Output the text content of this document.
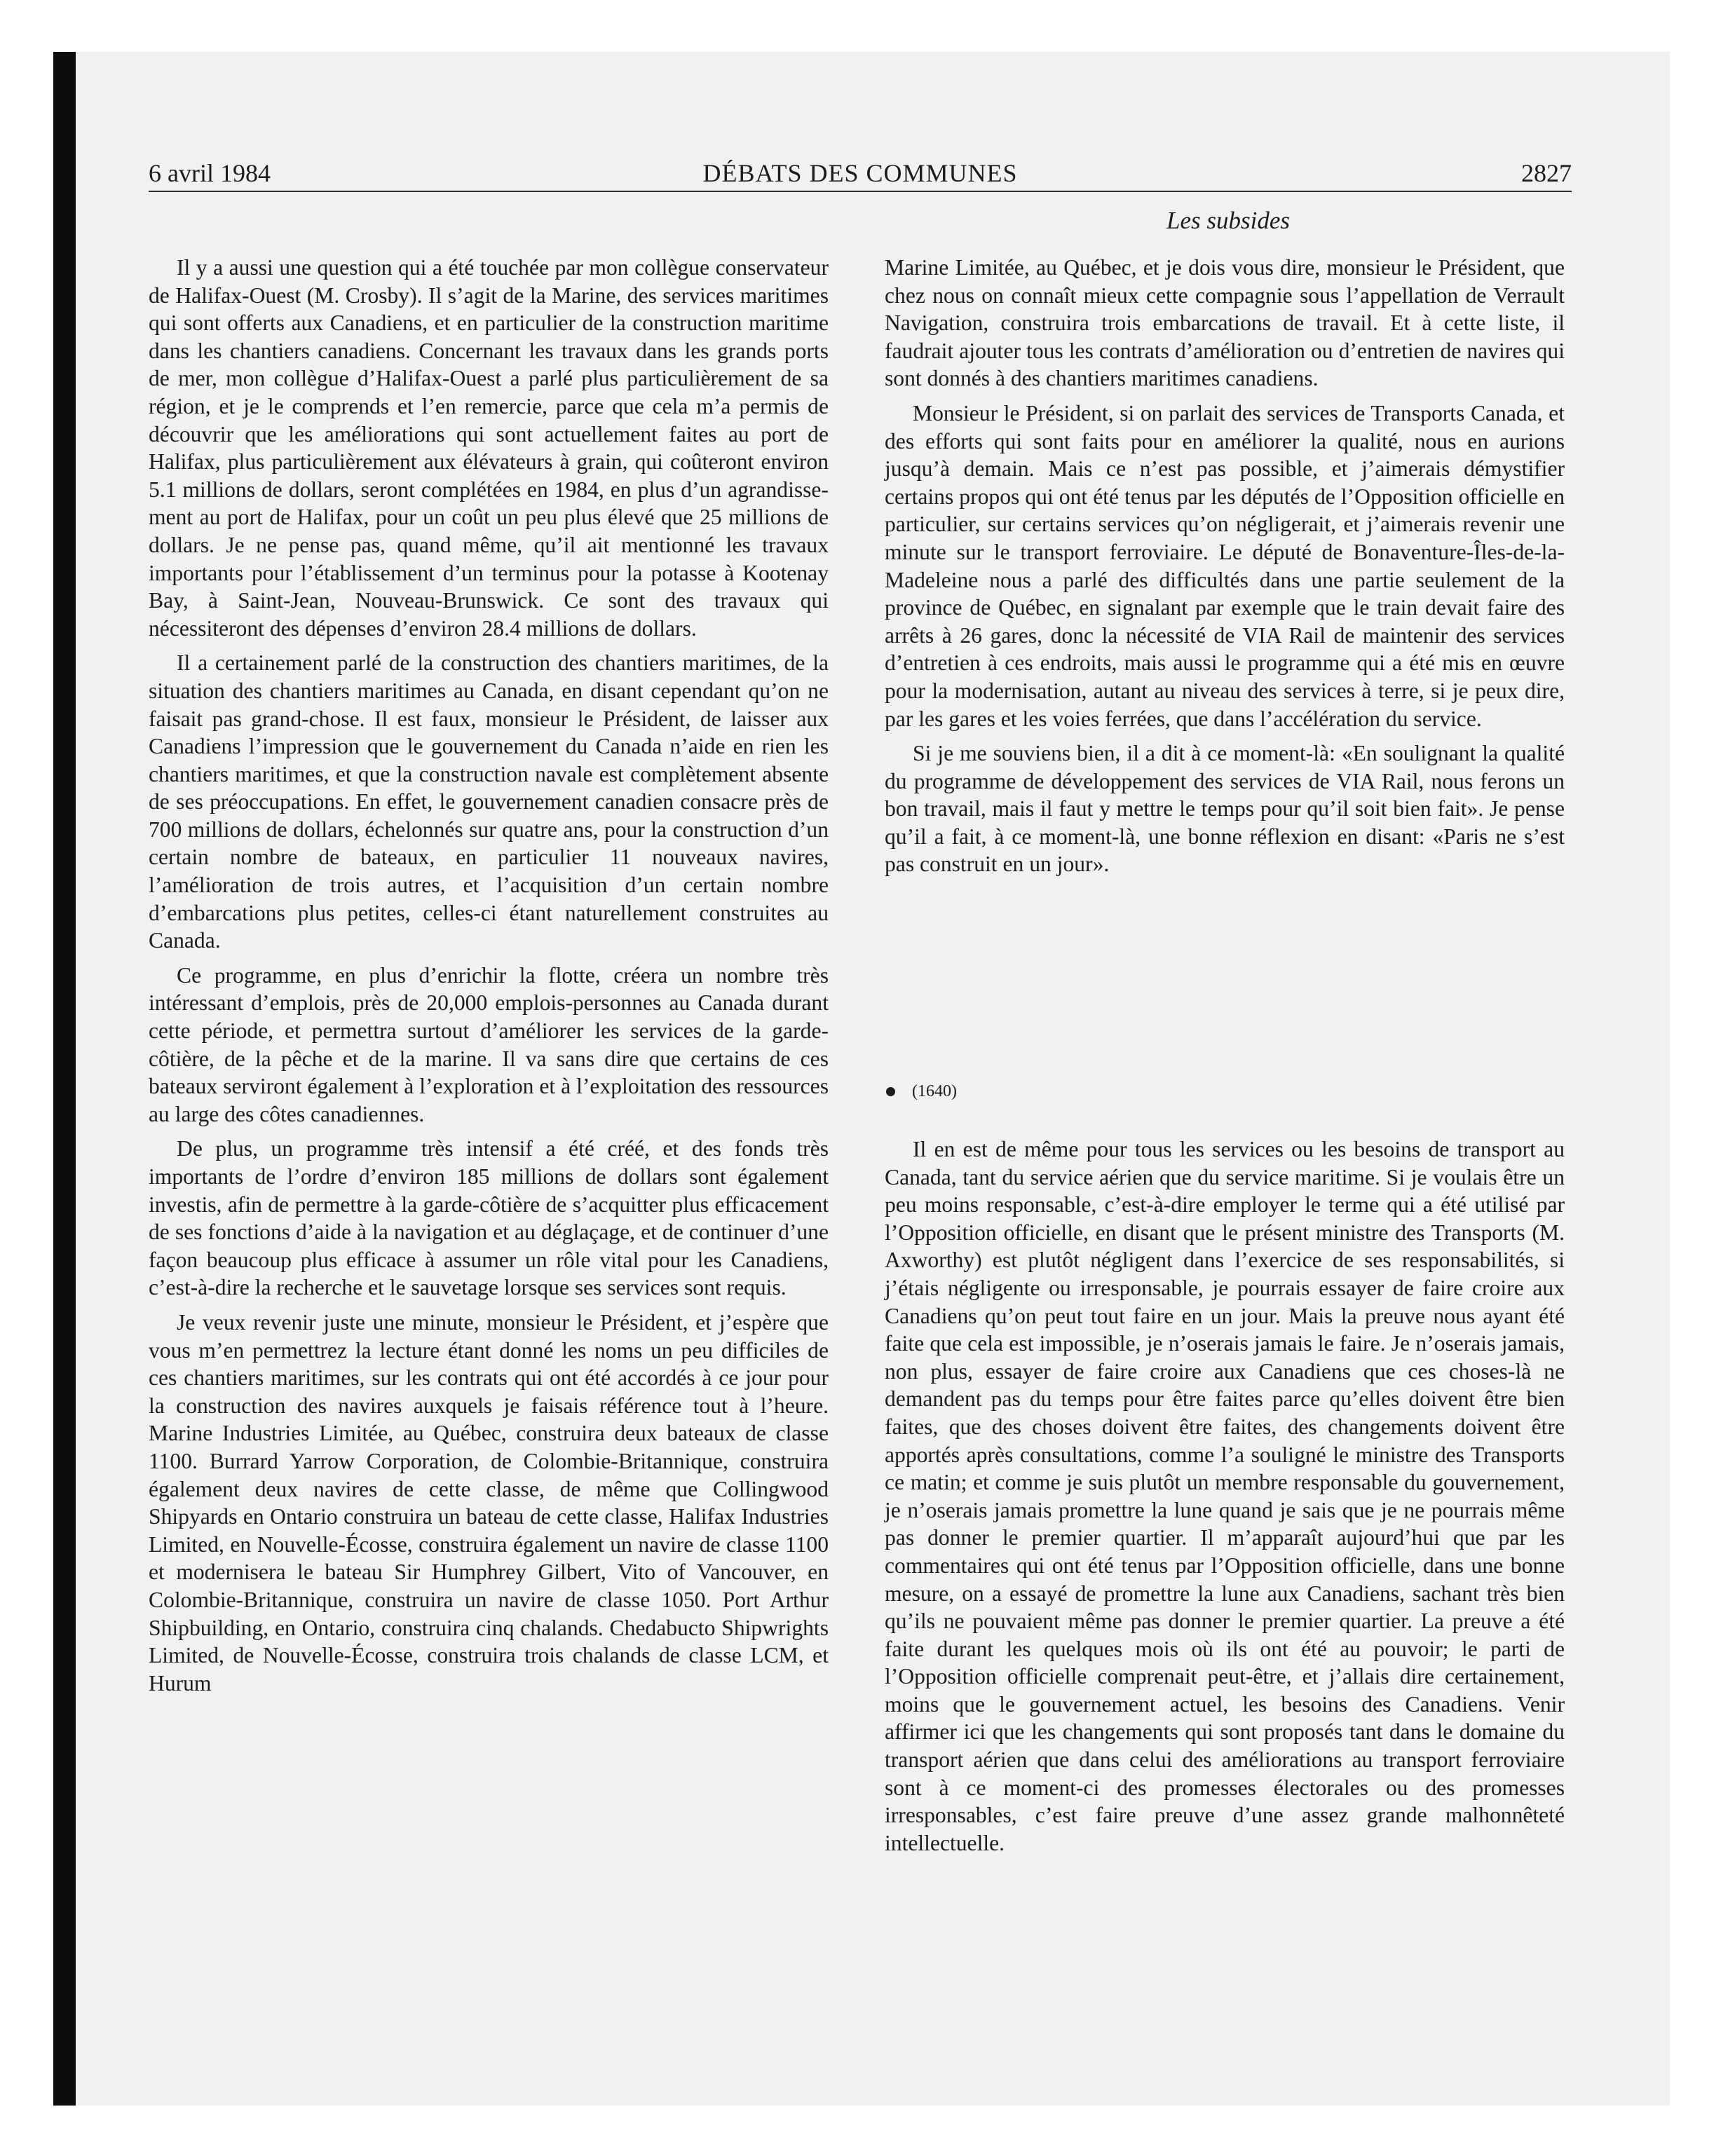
6 avril 1984	DÉBATS DES COMMUNES	2827
Les subsides

Il y a aussi une question qui a été touchée par mon collègue conservateur de Halifax-Ouest (M. Crosby). Il s’agit de la Marine, des services maritimes qui sont offerts aux Canadiens, et en particulier de la construction maritime dans les chantiers canadiens. Concernant les travaux dans les grands ports de mer, mon collègue d’Halifax-Ouest a parlé plus particulièrement de sa région, et je le comprends et l’en remercie, parce que cela m’a permis de découvrir que les améliorations qui sont actuellement faites au port de Halifax, plus particulièrement aux élévateurs à grain, qui coûteront environ 5.1 millions de dollars, seront complétées en 1984, en plus d’un agrandissement au port de Halifax, pour un coût un peu plus élevé que 25 millions de dollars. Je ne pense pas, quand même, qu’il ait mentionné les travaux importants pour l’établissement d’un terminus pour la potasse à Kootenay Bay, à Saint-Jean, Nouveau-Brunswick. Ce sont des travaux qui nécessiteront des dépenses d’environ 28.4 millions de dollars.

Il a certainement parlé de la construction des chantiers maritimes, de la situation des chantiers maritimes au Canada, en disant cependant qu’on ne faisait pas grand-chose. Il est faux, monsieur le Président, de laisser aux Canadiens l’impression que le gouvernement du Canada n’aide en rien les chantiers maritimes, et que la construction navale est complètement absente de ses préoccupations. En effet, le gouvernement canadien consacre près de 700 millions de dollars, échelonnés sur quatre ans, pour la construction d’un certain nombre de bateaux, en particulier 11 nouveaux navires, l’amélioration de trois autres, et l’acquisition d’un certain nombre d’embarcations plus petites, celles-ci étant naturellement construites au Canada.

Ce programme, en plus d’enrichir la flotte, créera un nombre très intéressant d’emplois, près de 20,000 emplois-personnes au Canada durant cette période, et permettra surtout d’améliorer les services de la garde-côtière, de la pêche et de la marine. Il va sans dire que certains de ces bateaux serviront également à l’exploration et à l’exploitation des ressources au large des côtes canadiennes.

De plus, un programme très intensif a été créé, et des fonds très importants de l’ordre d’environ 185 millions de dollars sont également investis, afin de permettre à la garde-côtière de s’acquitter plus efficacement de ses fonctions d’aide à la navigation et au déglaçage, et de continuer d’une façon beaucoup plus efficace à assumer un rôle vital pour les Canadiens, c’est-à-dire la recherche et le sauvetage lorsque ses services sont requis.

Je veux revenir juste une minute, monsieur le Président, et j’espère que vous m’en permettrez la lecture étant donné les noms un peu difficiles de ces chantiers maritimes, sur les contrats qui ont été accordés à ce jour pour la construction des navires auxquels je faisais référence tout à l’heure. Marine Industries Limitée, au Québec, construira deux bateaux de classe 1100. Burrard Yarrow Corporation, de Colombie-Britannique, construira également deux navires de cette classe, de même que Collingwood Shipyards en Ontario construira un bateau de cette classe, Halifax Industries Limited, en Nouvelle-Écosse, construira également un navire de classe 1100 et modernisera le bateau Sir Humphrey Gilbert, Vito of Vancouver, en Colombie-Britannique, construira un navire de classe 1050. Port Arthur Shipbuilding, en Ontario, construira cinq chalands. Chedabucto Shipwrights Limited, de Nouvelle-Écosse, construira trois chalands de classe LCM, et Hurum

Marine Limitée, au Québec, et je dois vous dire, monsieur le Président, que chez nous on connaît mieux cette compagnie sous l’appellation de Verrault Navigation, construira trois embarcations de travail. Et à cette liste, il faudrait ajouter tous les contrats d’amélioration ou d’entretien de navires qui sont donnés à des chantiers maritimes canadiens.

Monsieur le Président, si on parlait des services de Transports Canada, et des efforts qui sont faits pour en améliorer la qualité, nous en aurions jusqu’à demain. Mais ce n’est pas possible, et j’aimerais démystifier certains propos qui ont été tenus par les députés de l’Opposition officielle en particulier, sur certains services qu’on négligerait, et j’aimerais revenir une minute sur le transport ferroviaire. Le député de Bonaventure-Îles-de-la-Madeleine nous a parlé des difficultés dans une partie seulement de la province de Québec, en signalant par exemple que le train devait faire des arrêts à 26 gares, donc la nécessité de VIA Rail de maintenir des services d’entretien à ces endroits, mais aussi le programme qui a été mis en œuvre pour la modernisation, autant au niveau des services à terre, si je peux dire, par les gares et les voies ferrées, que dans l’accélération du service.

Si je me souviens bien, il a dit à ce moment-là: «En soulignant la qualité du programme de développement des services de VIA Rail, nous ferons un bon travail, mais il faut y mettre le temps pour qu’il soit bien fait». Je pense qu’il a fait, à ce moment-là, une bonne réflexion en disant: «Paris ne s’est pas construit en un jour».

(1640)

Il en est de même pour tous les services ou les besoins de transport au Canada, tant du service aérien que du service maritime. Si je voulais être un peu moins responsable, c’est-à-dire employer le terme qui a été utilisé par l’Opposition officielle, en disant que le présent ministre des Transports (M. Axworthy) est plutôt négligent dans l’exercice de ses responsabilités, si j’étais négligente ou irresponsable, je pourrais essayer de faire croire aux Canadiens qu’on peut tout faire en un jour. Mais la preuve nous ayant été faite que cela est impossible, je n’oserais jamais le faire. Je n’oserais jamais, non plus, essayer de faire croire aux Canadiens que ces choses-là ne demandent pas du temps pour être faites parce qu’elles doivent être bien faites, que des choses doivent être faites, des changements doivent être apportés après consultations, comme l’a souligné le ministre des Transports ce matin; et comme je suis plutôt un membre responsable du gouvernement, je n’oserais jamais promettre la lune quand je sais que je ne pourrais même pas donner le premier quartier. Il m’apparaît aujourd’hui que par les commentaires qui ont été tenus par l’Opposition officielle, dans une bonne mesure, on a essayé de promettre la lune aux Canadiens, sachant très bien qu’ils ne pouvaient même pas donner le premier quartier. La preuve a été faite durant les quelques mois où ils ont été au pouvoir; le parti de l’Opposition officielle comprenait peut-être, et j’allais dire certainement, moins que le gouvernement actuel, les besoins des Canadiens. Venir affirmer ici que les changements qui sont proposés tant dans le domaine du transport aérien que dans celui des améliorations au transport ferroviaire sont à ce moment-ci des promesses électorales ou des promesses irresponsables, c’est faire preuve d’une assez grande malhonnêteté intellectuelle.
